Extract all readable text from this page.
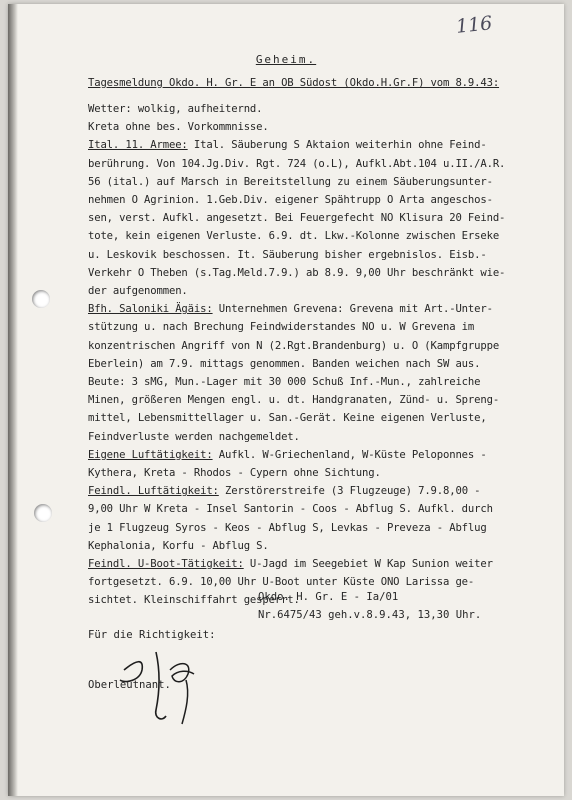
116
Geheim.
Tagesmeldung Okdo. H. Gr. E an OB Südost (Okdo.H.Gr.F) vom 8.9.43:
Wetter: wolkig, aufheiternd.
Kreta ohne bes. Vorkommnisse.
Ital. 11. Armee: Ital. Säuberung S Aktaion weiterhin ohne Feind-
berührung. Von 104.Jg.Div. Rgt. 724 (o.L), Aufkl.Abt.104 u.II./A.R.
56 (ital.) auf Marsch in Bereitstellung zu einem Säuberungsunter-
nehmen O Agrinion. 1.Geb.Div. eigener Spähtrupp O Arta angeschos-
sen, verst. Aufkl. angesetzt. Bei Feuergefecht NO Klisura 20 Feind-
tote, kein eigenen Verluste. 6.9. dt. Lkw.-Kolonne zwischen Erseke
u. Leskovik beschossen. It. Säuberung bisher ergebnislos. Eisb.-
Verkehr O Theben (s.Tag.Meld.7.9.) ab 8.9. 9,00 Uhr beschränkt wie-
der aufgenommen.
Bfh. Saloniki Ägäis: Unternehmen Grevena: Grevena mit Art.-Unter-
stützung u. nach Brechung Feindwiderstandes NO u. W Grevena im
konzentrischen Angriff von N (2.Rgt.Brandenburg) u. O (Kampfgruppe
Eberlein) am 7.9. mittags genommen. Banden weichen nach SW aus.
Beute: 3 sMG, Mun.-Lager mit 30 000 Schuß Inf.-Mun., zahlreiche
Minen, größeren Mengen engl. u. dt. Handgranaten, Zünd- u. Spreng-
mittel, Lebensmittellager u. San.-Gerät. Keine eigenen Verluste,
Feindverluste werden nachgemeldet.
Eigene Luftätigkeit: Aufkl. W-Griechenland, W-Küste Peloponnes -
Kythera, Kreta - Rhodos - Cypern ohne Sichtung.
Feindl. Luftätigkeit: Zerstörerstreife (3 Flugzeuge) 7.9.8,00 -
9,00 Uhr W Kreta - Insel Santorin - Coos - Abflug S. Aufkl. durch
je 1 Flugzeug Syros - Keos - Abflug S, Levkas - Preveza - Abflug
Kephalonia, Korfu - Abflug S.
Feindl. U-Boot-Tätigkeit: U-Jagd im Seegebiet W Kap Sunion weiter
fortgesetzt. 6.9. 10,00 Uhr U-Boot unter Küste ONO Larissa ge-
sichtet. Kleinschiffahrt gesperrt.
Okdo. H. Gr. E - Ia/01
Nr.6475/43 geh.v.8.9.43, 13,30 Uhr.
Für die Richtigkeit:
Oberleutnant.
